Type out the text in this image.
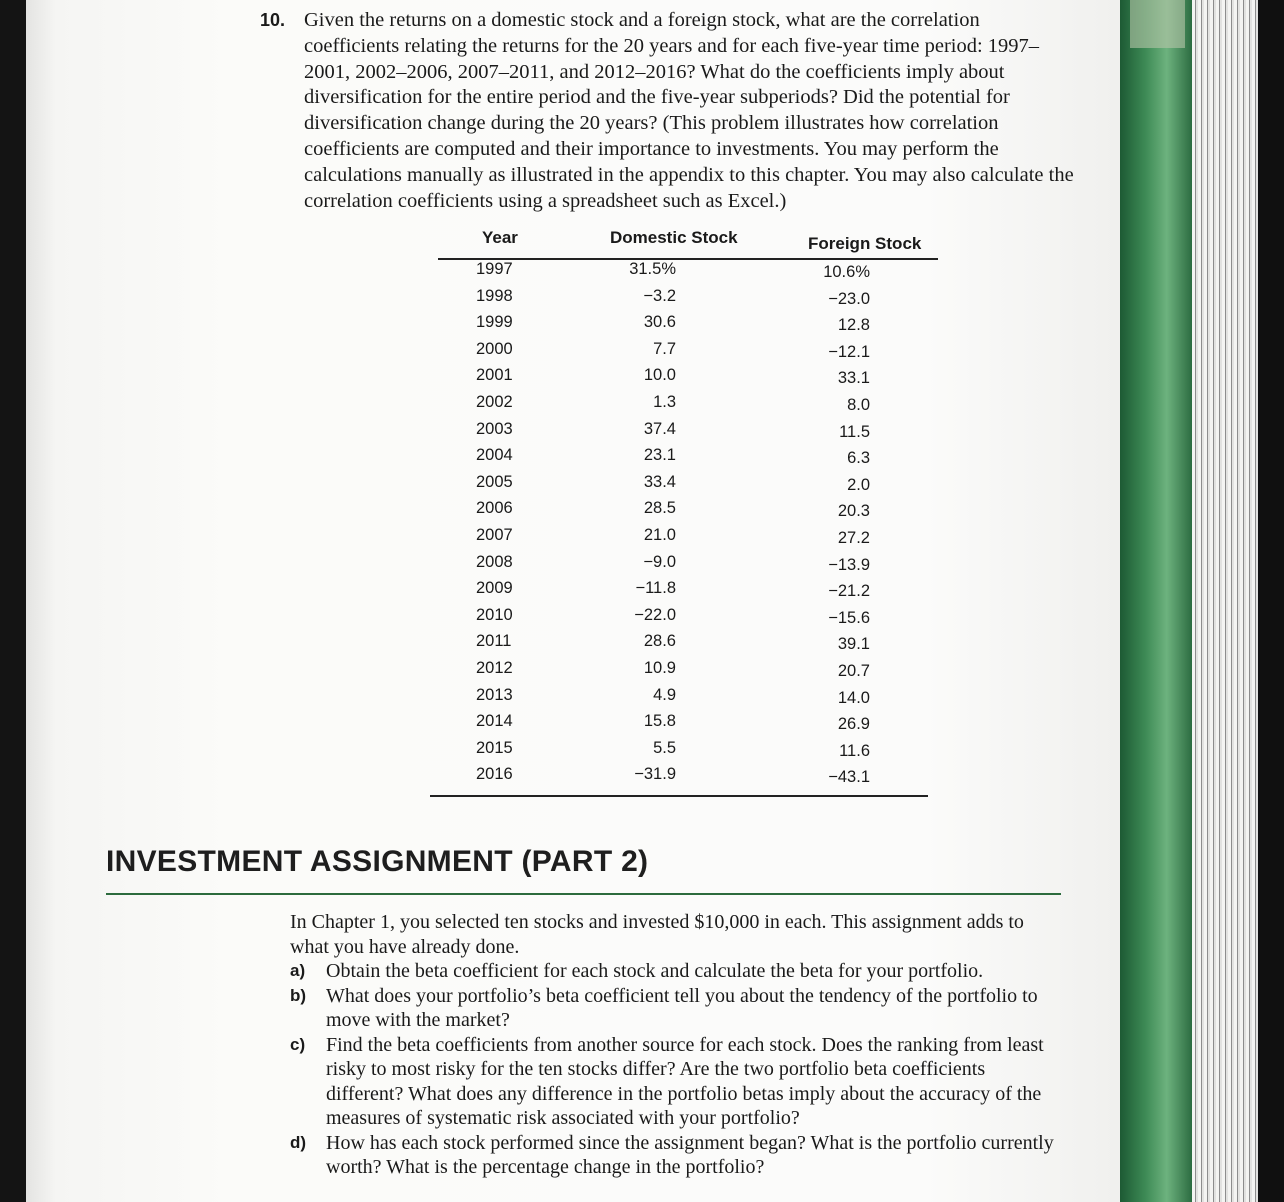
10. Given the returns on a domestic stock and a foreign stock, what are the correlation coefficients relating the returns for the 20 years and for each five-year time period: 1997–2001, 2002–2006, 2007–2011, and 2012–2016? What do the coefficients imply about diversification for the entire period and the five-year subperiods? Did the potential for diversification change during the 20 years? (This problem illustrates how correlation coefficients are computed and their importance to investments. You may perform the calculations manually as illustrated in the appendix to this chapter. You may also calculate the correlation coefficients using a spreadsheet such as Excel.)
Year	Domestic Stock	Foreign Stock
1997	31.5%	10.6%
1998	−3.2	−23.0
1999	30.6	12.8
2000	7.7	−12.1
2001	10.0	33.1
2002	1.3	8.0
2003	37.4	11.5
2004	23.1	6.3
2005	33.4	2.0
2006	28.5	20.3
2007	21.0	27.2
2008	−9.0	−13.9
2009	−11.8	−21.2
2010	−22.0	−15.6
2011	28.6	39.1
2012	10.9	20.7
2013	4.9	14.0
2014	15.8	26.9
2015	5.5	11.6
2016	−31.9	−43.1
INVESTMENT ASSIGNMENT (PART 2)
In Chapter 1, you selected ten stocks and invested $10,000 in each. This assignment adds to what you have already done.
a) Obtain the beta coefficient for each stock and calculate the beta for your portfolio.
b) What does your portfolio’s beta coefficient tell you about the tendency of the portfolio to move with the market?
c) Find the beta coefficients from another source for each stock. Does the ranking from least risky to most risky for the ten stocks differ? Are the two portfolio beta coefficients different? What does any difference in the portfolio betas imply about the accuracy of the measures of systematic risk associated with your portfolio?
d) How has each stock performed since the assignment began? What is the portfolio currently worth? What is the percentage change in the portfolio?
